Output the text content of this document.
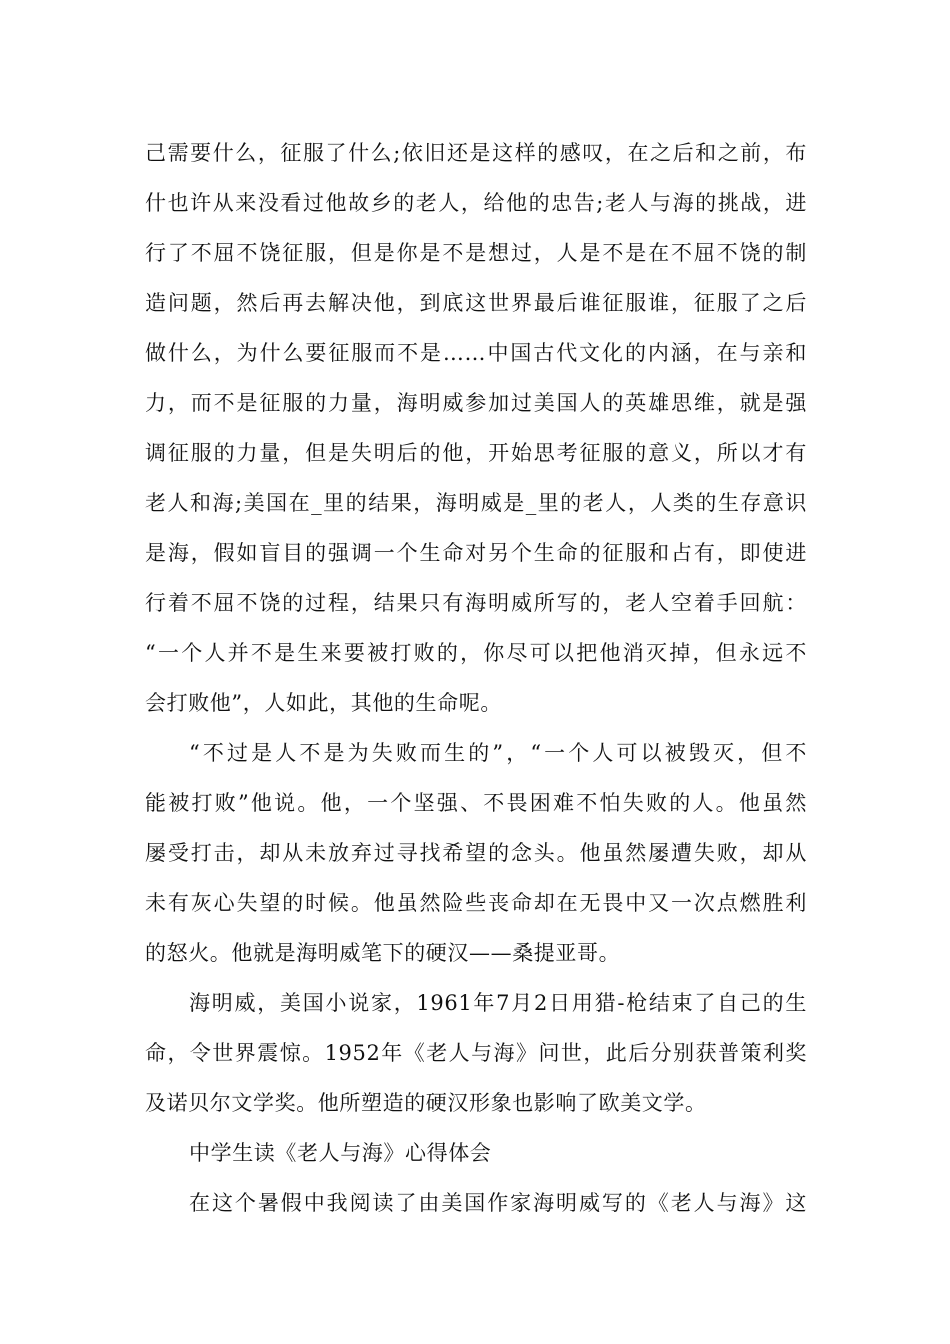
己需要什么，征服了什么;依旧还是这样的感叹，在之后和之前，布
什也许从来没看过他故乡的老人，给他的忠告;老人与海的挑战，进
行了不屈不饶征服，但是你是不是想过，人是不是在不屈不饶的制
造问题，然后再去解决他，到底这世界最后谁征服谁，征服了之后
做什么，为什么要征服而不是……中国古代文化的内涵，在与亲和
力，而不是征服的力量，海明威参加过美国人的英雄思维，就是强
调征服的力量，但是失明后的他，开始思考征服的意义，所以才有
老人和海;美国在_里的结果，海明威是_里的老人，人类的生存意识
是海，假如盲目的强调一个生命对另个生命的征服和占有，即使进
行着不屈不饶的过程，结果只有海明威所写的，老人空着手回航：
“一个人并不是生来要被打败的，你尽可以把他消灭掉，但永远不
会打败他”，人如此，其他的生命呢。
“不过是人不是为失败而生的”，“一个人可以被毁灭，但不
能被打败”他说。他，一个坚强、不畏困难不怕失败的人。他虽然
屡受打击，却从未放弃过寻找希望的念头。他虽然屡遭失败，却从
未有灰心失望的时候。他虽然险些丧命却在无畏中又一次点燃胜利
的怒火。他就是海明威笔下的硬汉——桑提亚哥。
海明威，美国小说家，1961年7月2日用猎-枪结束了自己的生
命，令世界震惊。1952年《老人与海》问世，此后分别获普策利奖
及诺贝尔文学奖。他所塑造的硬汉形象也影响了欧美文学。
中学生读《老人与海》心得体会
在这个暑假中我阅读了由美国作家海明威写的《老人与海》这
